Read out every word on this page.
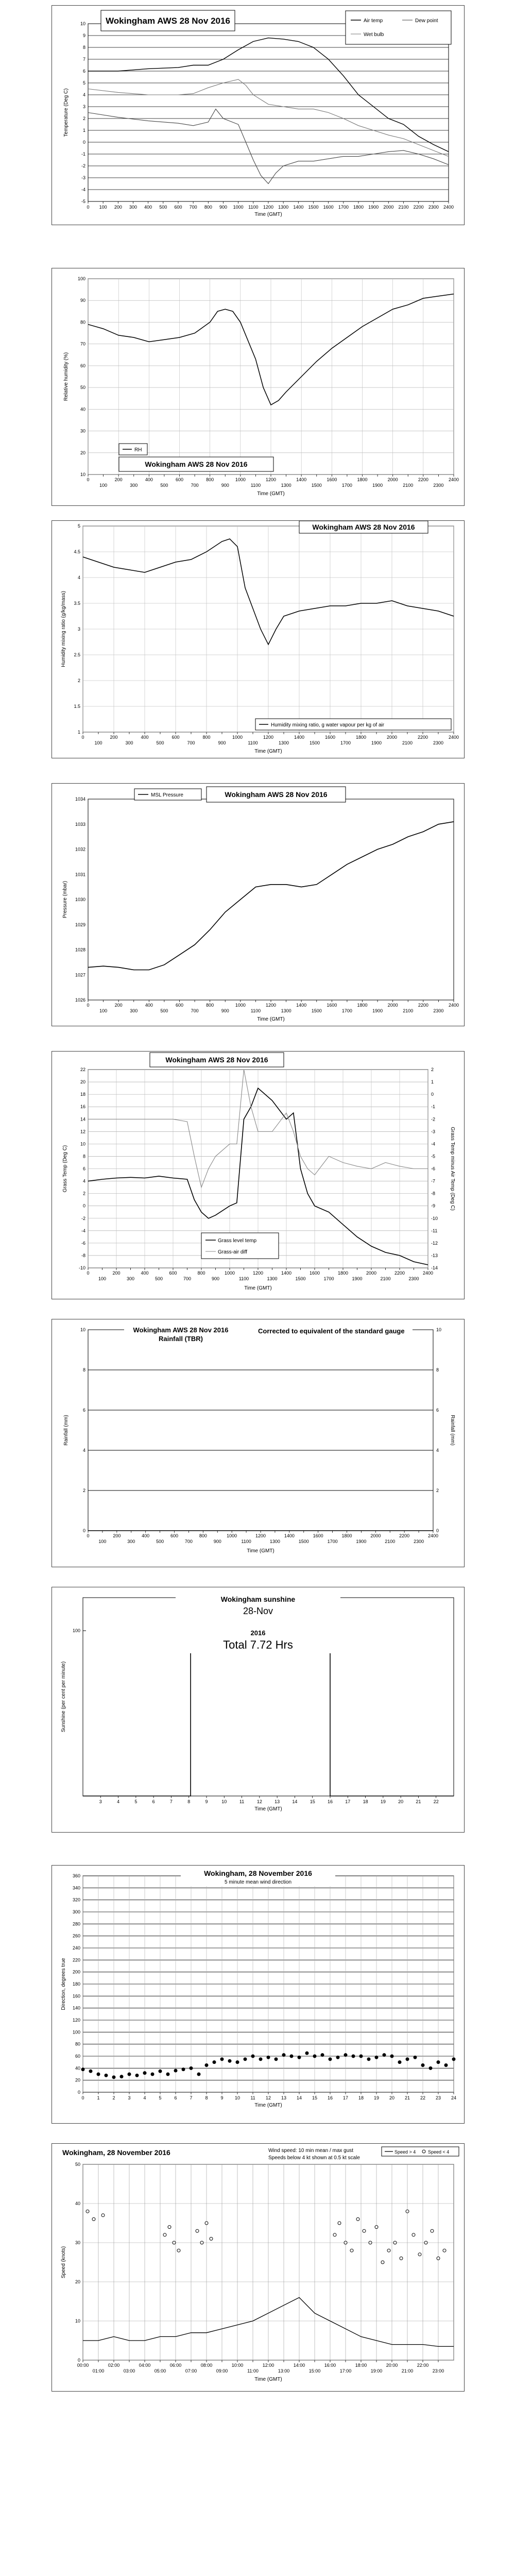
-5
-4
-3
-2
-1
0
1
2
3
4
5
6
7
8
9
10
0 100 200 300 400 500 600 700 800 900 1000 1100 1200 1300 1400 1500 1600 1700 1800 1900 2000 2100 2200 2300 2400
Time (GMT)
Temperature (Deg C)
Wokingham AWS 28 Nov 2016	Air temp	Dew point
Wet bulb
10
20
30
40
50
60
70
80
90
100
0
100
200
300
400
500
600
700
800
900
1000
1100
1200
1300
1400
1500
1600
1700
1800
1900
2000
2100
2200
2300
2400
Time (GMT)
Relative humidity (%)
RH
Wokingham AWS 28 Nov 2016
1
1.5
2
2.5
3
3.5
4
4.5
5
0
100
200
300
400
500
600
700
800
900
1000
1100
1200
1300
1400
1500
1600
1700
1800
1900
2000
2100
2200
2300
2400
Time (GMT)
Humidity mixing ratio (g/kg/mass)
Wokingham AWS 28 Nov 2016
Humidity mixing ratio, g water vapour per kg of air
1026
1027
1028
1029
1030
1031
1032
1033
1034
0
100
200
300
400
500
600
700
800
900
1000
1100
1200
1300
1400
1500
1600
1700
1800
1900
2000
2100
2200
2300
2400
Time (GMT)
Pressure (mbar)
MSL Pressure	Wokingham AWS 28 Nov 2016
-10
-8
-6
-4
-2
0
2
4
6
8
10
12
14
16
18
20
22
-14
-13
-12
-11
-10
-9
-8
-7
-6
-5
-4
-3
-2
-1
0
1
2
0
100
200
300
400
500
600
700
800
900
1000
1100
1200
1300
1400
1500
1600
1700
1800
1900
2000
2100
2200
2300
2400
Time (GMT)
Grass Temp (Deg C)	Grass Temp minus Air Temp (Deg C)
Wokingham AWS 28 Nov 2016
Grass level temp
Grass-air diff
0
2
4
6
8
10
0
2
4
6
8
10
0
100
200
300
400
500
600
700
800
900
1000
1100
1200
1300
1400
1500
1600
1700
1800
1900
2000
2100
2200
2300
2400
Time (GMT)
Rainfall (mm)	Rainfall (mm)
Wokingham AWS 28 Nov 2016
Rainfall (TBR)
Corrected to equivalent of the standard gauge
100
3	4	5	6	7	8	9	10	11	12	13	14	15	16	17	18	19	20	21	22
Time (GMT)
Sunshine (per cent per minute)
Wokingham sunshine
28-Nov
2016
Total 7.72 Hrs
0
20
40
60
80
100
120
140
160
180
200
220
240
260
280
300
320
340
360
0	1	2	3	4	5	6	7	8	9 10 11 12 13 14 15 16 17 18 19 20 21 22 23 24
Time (GMT)
Direction, degrees true
Wokingham, 28 November 2016
5 minute mean wind direction
0
10
20
30
40
50
00:00
01:00
02:00
03:00
04:00
05:00
06:00
07:00
08:00
09:00
10:00
11:00
12:00
13:00
14:00
15:00
16:00
17:00
18:00
19:00
20:00
21:00
22:00
23:00
Time (GMT)
Speed (knots)
Wokingham, 28 November 2016	Wind speed: 10 min mean / max gust
Speeds below 4 kt shown at 0.5 kt scale
Speed > 4	Speed < 4
